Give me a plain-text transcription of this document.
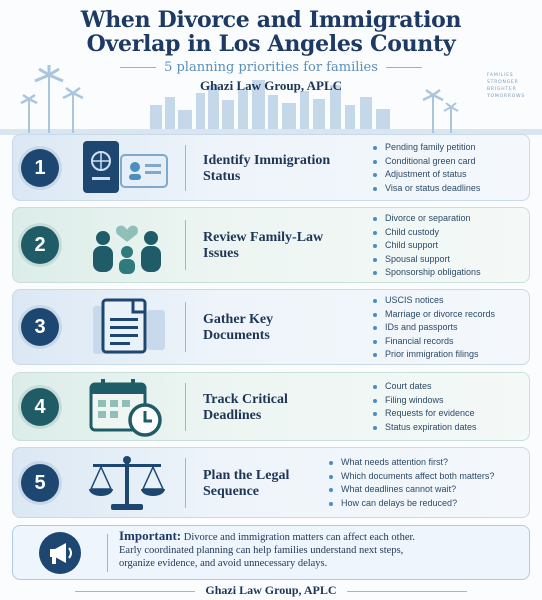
When Divorce and Immigration
Overlap in Los Angeles County
5 planning priorities for families
Ghazi Law Group, APLC
FAMILIES
STRONGER
BRIGHTER
TOMORROWS
1	Identify Immigration
Status
Pending family petition
Conditional green card
Adjustment of status
Visa or status deadlines
2	Review Family-Law
Issues
Divorce or separation
Child custody
Child support
Spousal support
Sponsorship obligations
3	Gather Key
Documents
USCIS notices
Marriage or divorce records
IDs and passports
Financial records
Prior immigration filings
4	Track Critical
Deadlines
Court dates
Filing windows
Requests for evidence
Status expiration dates
5	Plan the Legal
Sequence
What needs attention first?
Which documents affect both matters?
What deadlines cannot wait?
How can delays be reduced?
Important: Divorce and immigration matters can affect each other.
Early coordinated planning can help families understand next steps,
organize evidence, and avoid unnecessary delays.
Ghazi Law Group, APLC
